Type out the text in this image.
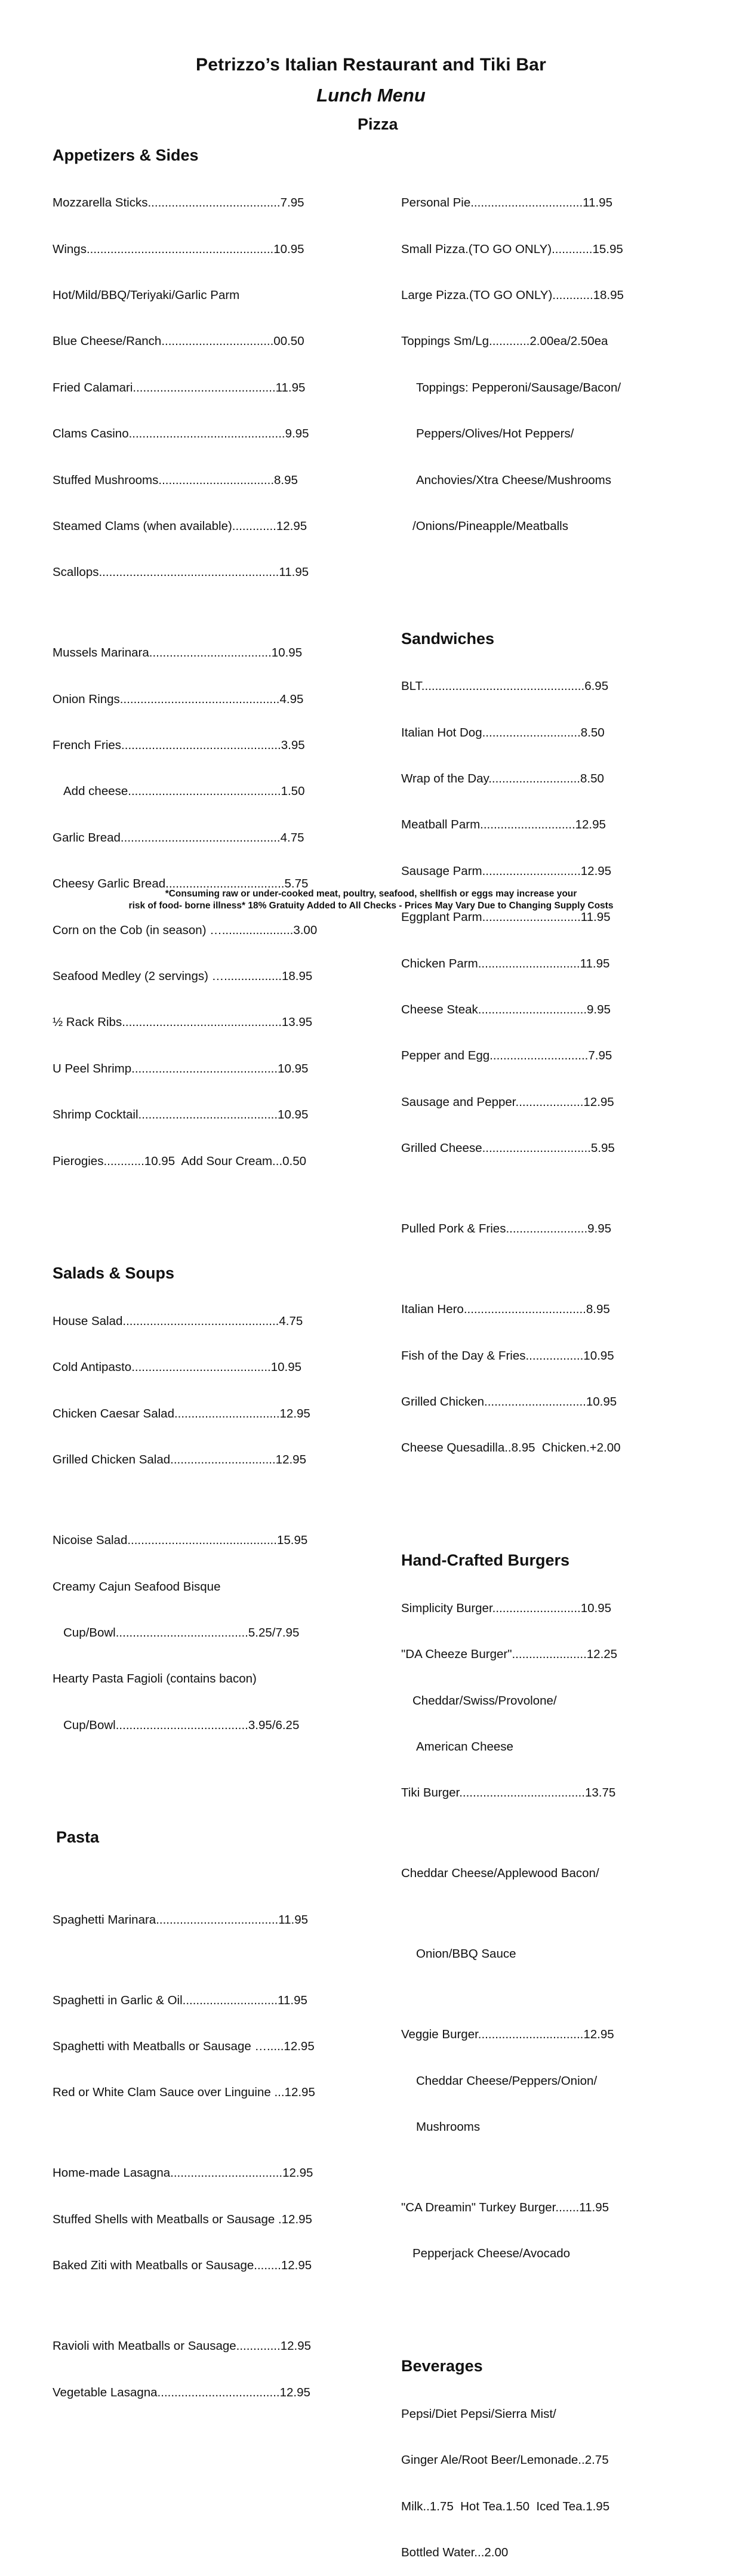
Petrizzo’s Italian Restaurant and Tiki Bar
Lunch Menu

Appetizers & Sides

Mozzarella Sticks.......................................7.95

Wings.......................................................10.95

Hot/Mild/BBQ/Teriyaki/Garlic Parm

Blue Cheese/Ranch.................................00.50

Fried Calamari..........................................11.95

Clams Casino..............................................9.95

Stuffed Mushrooms..................................8.95

Steamed Clams (when available).............12.95

Scallops.....................................................11.95

Mussels Marinara....................................10.95

Onion Rings...............................................4.95

French Fries...............................................3.95

Add cheese.............................................1.50

Garlic Bread...............................................4.75

Cheesy Garlic Bread...................................5.75

Corn on the Cob (in season) ….....................3.00

Seafood Medley (2 servings) ….................18.95

½ Rack Ribs...............................................13.95

U Peel Shrimp...........................................10.95

Shrimp Cocktail.........................................10.95

Pierogies............10.95  Add Sour Cream...0.50

Salads & Soups

House Salad..............................................4.75

Cold Antipasto.........................................10.95

Chicken Caesar Salad...............................12.95

Grilled Chicken Salad...............................12.95

Nicoise Salad............................................15.95

Creamy Cajun Seafood Bisque

Cup/Bowl.......................................5.25/7.95

Hearty Pasta Fagioli (contains bacon)

Cup/Bowl.......................................3.95/6.25

Pasta

Spaghetti Marinara....................................11.95

Spaghetti in Garlic & Oil............................11.95

Spaghetti with Meatballs or Sausage ….....12.95

Red or White Clam Sauce over Linguine ...12.95

Home-made Lasagna.................................12.95

Stuffed Shells with Meatballs or Sausage .12.95

Baked Ziti with Meatballs or Sausage........12.95

Ravioli with Meatballs or Sausage.............12.95

Vegetable Lasagna....................................12.95

Pizza

Personal Pie.................................11.95

Small Pizza.(TO GO ONLY)............15.95

Large Pizza.(TO GO ONLY)............18.95

Toppings Sm/Lg............2.00ea/2.50ea

Toppings: Pepperoni/Sausage/Bacon/

Peppers/Olives/Hot Peppers/

Anchovies/Xtra Cheese/Mushrooms

/Onions/Pineapple/Meatballs

Sandwiches

BLT................................................6.95

Italian Hot Dog.............................8.50

Wrap of the Day...........................8.50

Meatball Parm............................12.95

Sausage Parm.............................12.95

Eggplant Parm.............................11.95

Chicken Parm..............................11.95

Cheese Steak................................9.95

Pepper and Egg.............................7.95

Sausage and Pepper....................12.95

Grilled Cheese................................5.95

Pulled Pork & Fries........................9.95

Italian Hero....................................8.95

Fish of the Day & Fries.................10.95

Grilled Chicken..............................10.95

Cheese Quesadilla..8.95  Chicken.+2.00

Hand-Crafted Burgers

Simplicity Burger..........................10.95

"DA Cheeze Burger"......................12.25

Cheddar/Swiss/Provolone/

American Cheese

Tiki Burger.....................................13.75

Cheddar Cheese/Applewood Bacon/

Onion/BBQ Sauce

Veggie Burger...............................12.95

Cheddar Cheese/Peppers/Onion/

Mushrooms

"CA Dreamin" Turkey Burger.......11.95

Pepperjack Cheese/Avocado

Beverages

Pepsi/Diet Pepsi/Sierra Mist/

Ginger Ale/Root Beer/Lemonade..2.75

Milk..1.75  Hot Tea.1.50  Iced Tea.1.95

Bottled Water...2.00

*Consuming raw or under-cooked meat, poultry, seafood, shellfish or eggs may increase your
risk of food- borne illness* 18% Gratuity Added to All Checks - Prices May Vary Due to Changing Supply Costs
